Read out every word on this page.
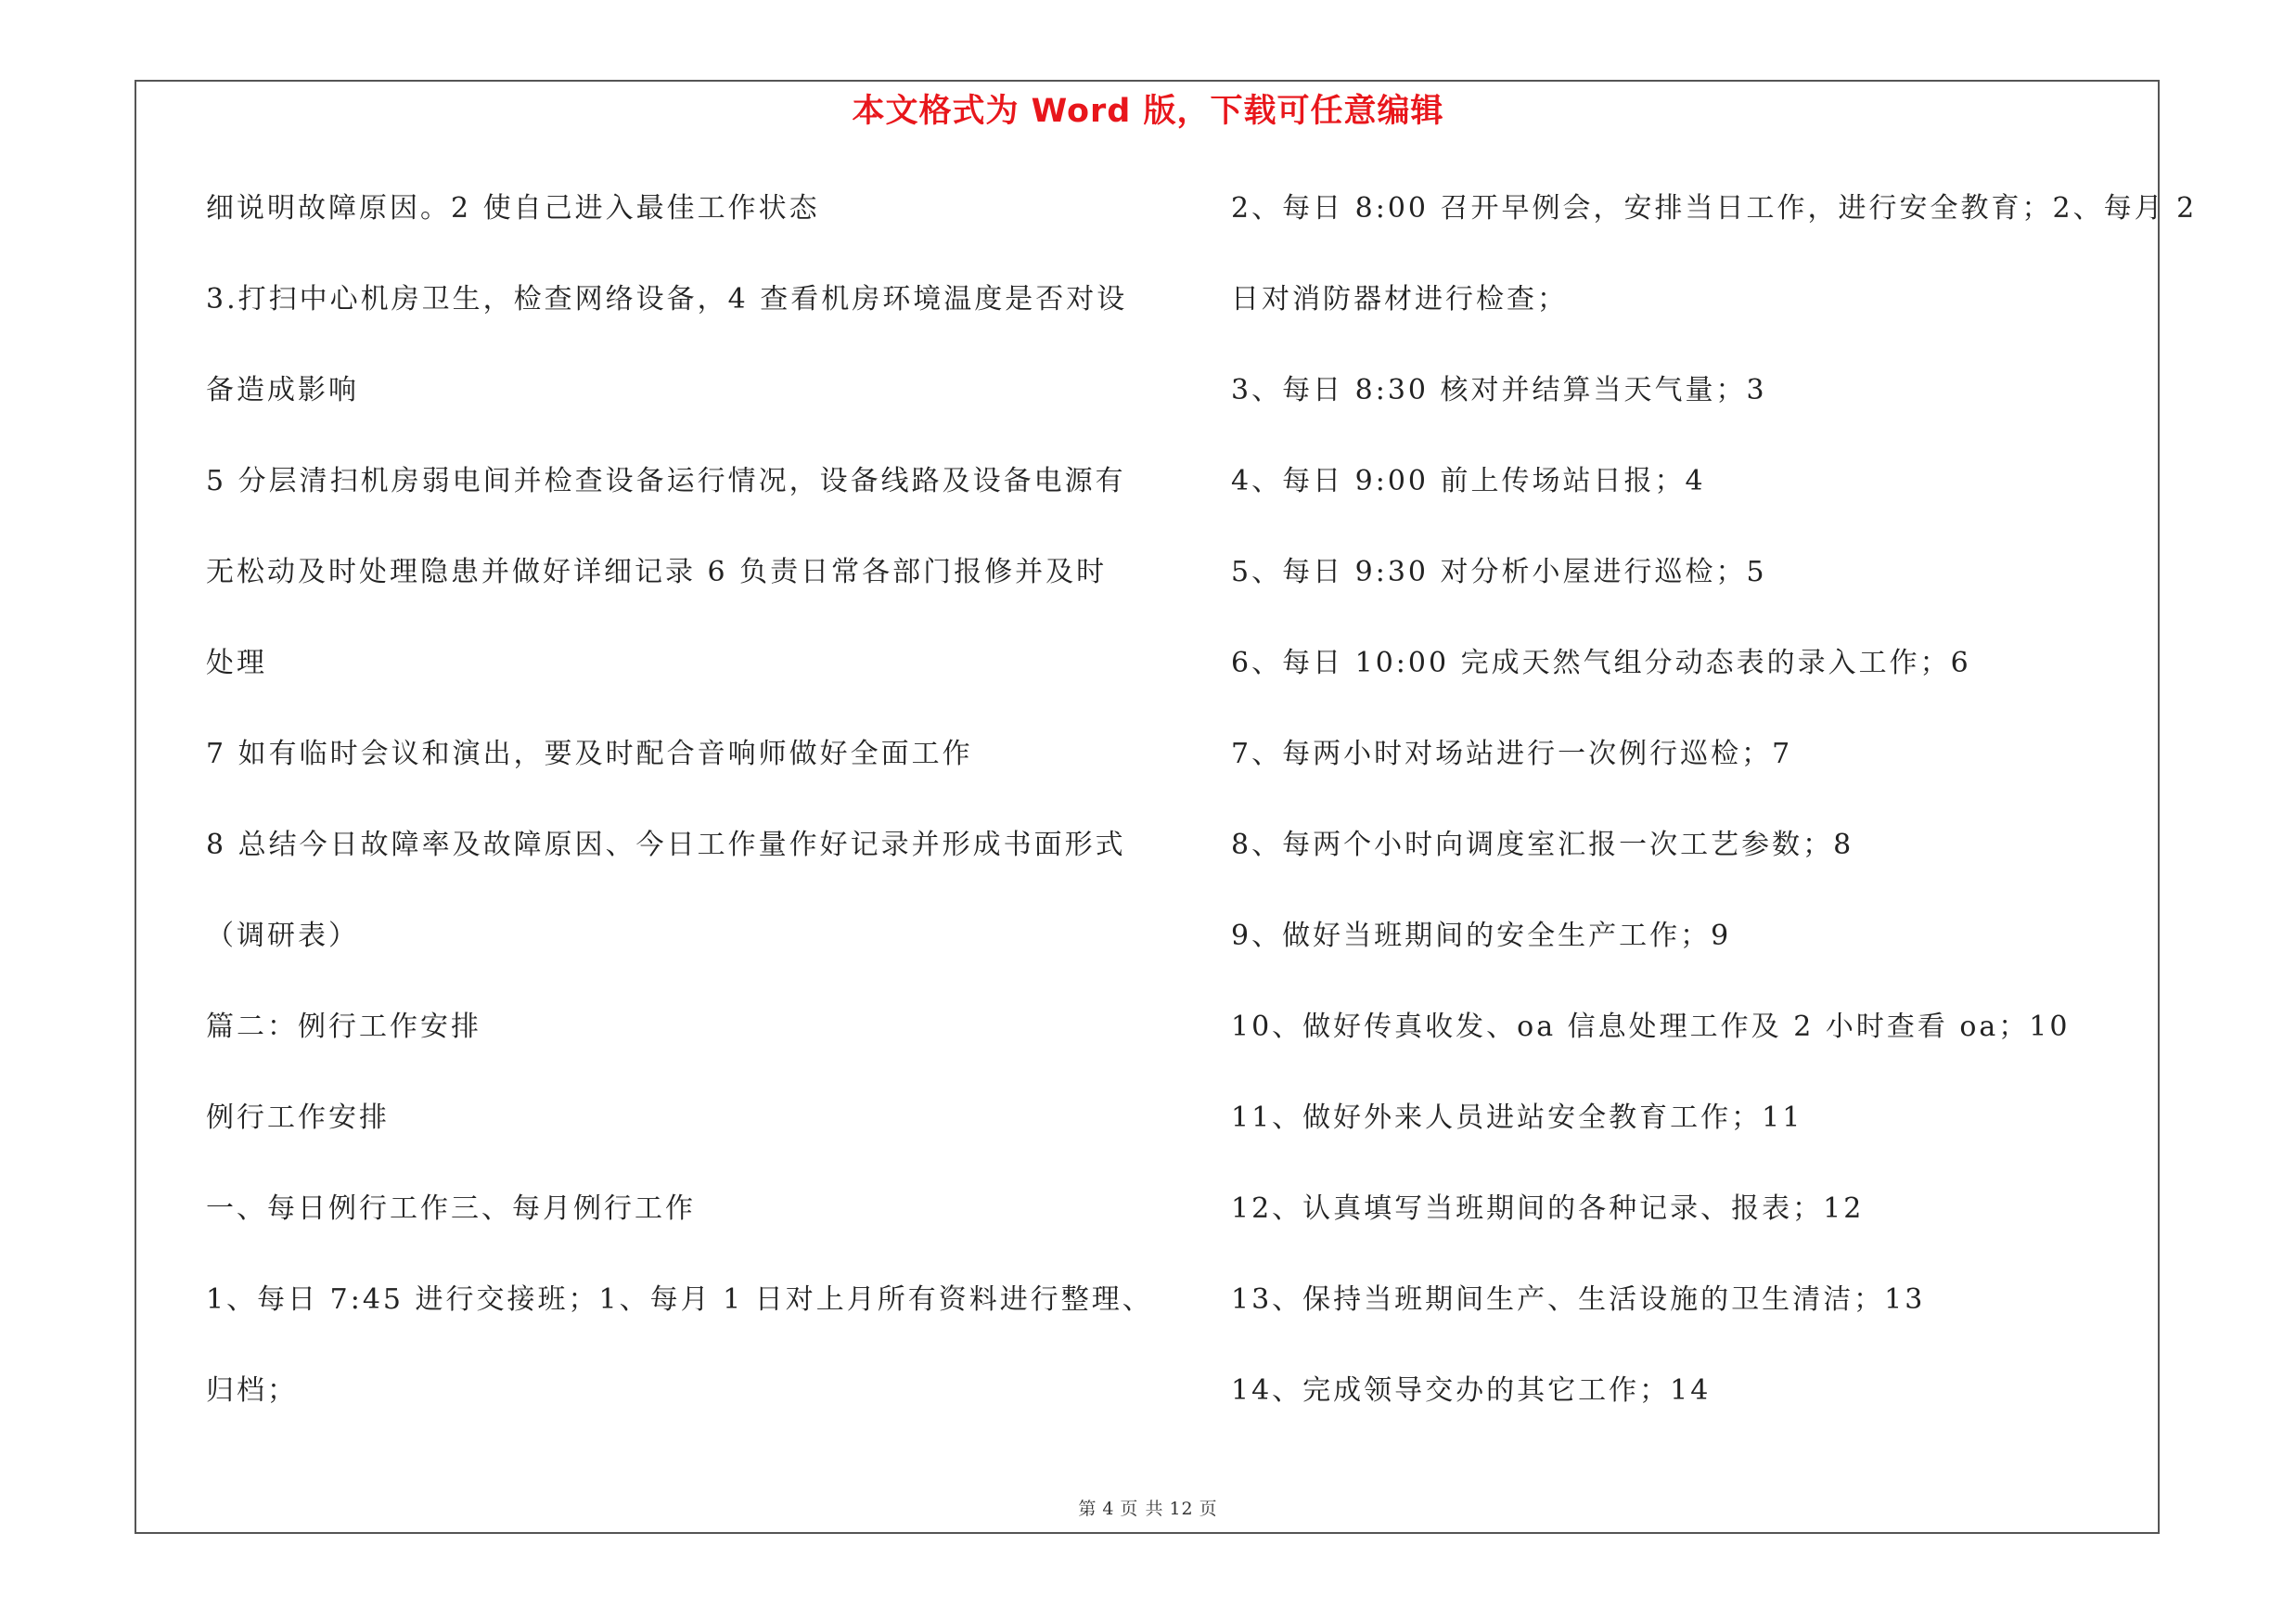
本文格式为 Word 版，下载可任意编辑
细说明故障原因。2 使自己进入最佳工作状态
3.打扫中心机房卫生，检查网络设备，4 查看机房环境温度是否对设
备造成影响
5 分层清扫机房弱电间并检查设备运行情况，设备线路及设备电源有
无松动及时处理隐患并做好详细记录 6 负责日常各部门报修并及时
处理
7 如有临时会议和演出，要及时配合音响师做好全面工作
8 总结今日故障率及故障原因、今日工作量作好记录并形成书面形式
（调研表）
篇二：例行工作安排
例行工作安排
一、每日例行工作三、每月例行工作
1、每日 7:45 进行交接班；1、每月 1 日对上月所有资料进行整理、
归档；
2、每日 8:00 召开早例会，安排当日工作，进行安全教育；2、每月 2
日对消防器材进行检查；
3、每日 8:30 核对并结算当天气量；3
4、每日 9:00 前上传场站日报；4
5、每日 9:30 对分析小屋进行巡检；5
6、每日 10:00 完成天然气组分动态表的录入工作；6
7、每两小时对场站进行一次例行巡检；7
8、每两个小时向调度室汇报一次工艺参数；8
9、做好当班期间的安全生产工作；9
10、做好传真收发、oa 信息处理工作及 2 小时查看 oa；10
11、做好外来人员进站安全教育工作；11
12、认真填写当班期间的各种记录、报表；12
13、保持当班期间生产、生活设施的卫生清洁；13
14、完成领导交办的其它工作；14
第 4 页 共 12 页
